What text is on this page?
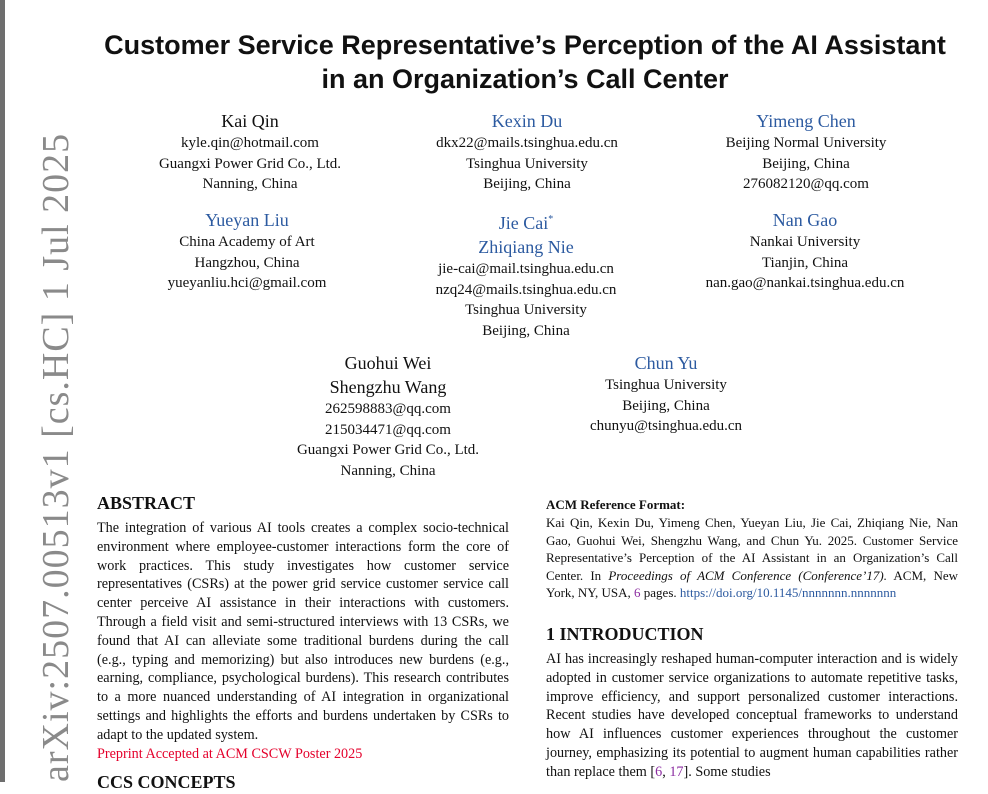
arXiv:2507.00513v1 [cs.HC] 1 Jul 2025
Customer Service Representative’s Perception of the AI Assistant
in an Organization’s Call Center
Kai Qin
kyle.qin@hotmail.com
Guangxi Power Grid Co., Ltd.
Nanning, China
Kexin Du
dkx22@mails.tsinghua.edu.cn
Tsinghua University
Beijing, China
Yimeng Chen
Beijing Normal University
Beijing, China
276082120@qq.com
Yueyan Liu
China Academy of Art
Hangzhou, China
yueyanliu.hci@gmail.com
Jie Cai*
Zhiqiang Nie
jie-cai@mail.tsinghua.edu.cn
nzq24@mails.tsinghua.edu.cn
Tsinghua University
Beijing, China
Nan Gao
Nankai University
Tianjin, China
nan.gao@nankai.tsinghua.edu.cn
Guohui Wei
Shengzhu Wang
262598883@qq.com
215034471@qq.com
Guangxi Power Grid Co., Ltd.
Nanning, China
Chun Yu
Tsinghua University
Beijing, China
chunyu@tsinghua.edu.cn
ABSTRACT

The integration of various AI tools creates a complex socio-technical environment where employee-customer interactions form the core of work practices. This study investigates how customer service representatives (CSRs) at the power grid service customer service call center perceive AI assistance in their interactions with customers. Through a field visit and semi-structured interviews with 13 CSRs, we found that AI can alleviate some traditional burdens during the call (e.g., typing and memorizing) but also introduces new burdens (e.g., earning, compliance, psychological burdens). This research contributes to a more nuanced understanding of AI integration in organizational settings and highlights the efforts and burdens undertaken by CSRs to adapt to the updated system.

Preprint Accepted at ACM CSCW Poster 2025
CCS CONCEPTS
ACM Reference Format:
Kai Qin, Kexin Du, Yimeng Chen, Yueyan Liu, Jie Cai, Zhiqiang Nie, Nan Gao, Guohui Wei, Shengzhu Wang, and Chun Yu. 2025. Customer Service Representative’s Perception of the AI Assistant in an Organization’s Call Center. In Proceedings of ACM Conference (Conference’17). ACM, New York, NY, USA, 6 pages. https://doi.org/10.1145/nnnnnnn.nnnnnnn
1 INTRODUCTION

AI has increasingly reshaped human-computer interaction and is widely adopted in customer service organizations to automate repetitive tasks, improve efficiency, and support personalized customer interactions. Recent studies have developed conceptual frameworks to understand how AI influences customer experiences throughout the customer journey, emphasizing its potential to augment human capabilities rather than replace them [6, 17]. Some studies
